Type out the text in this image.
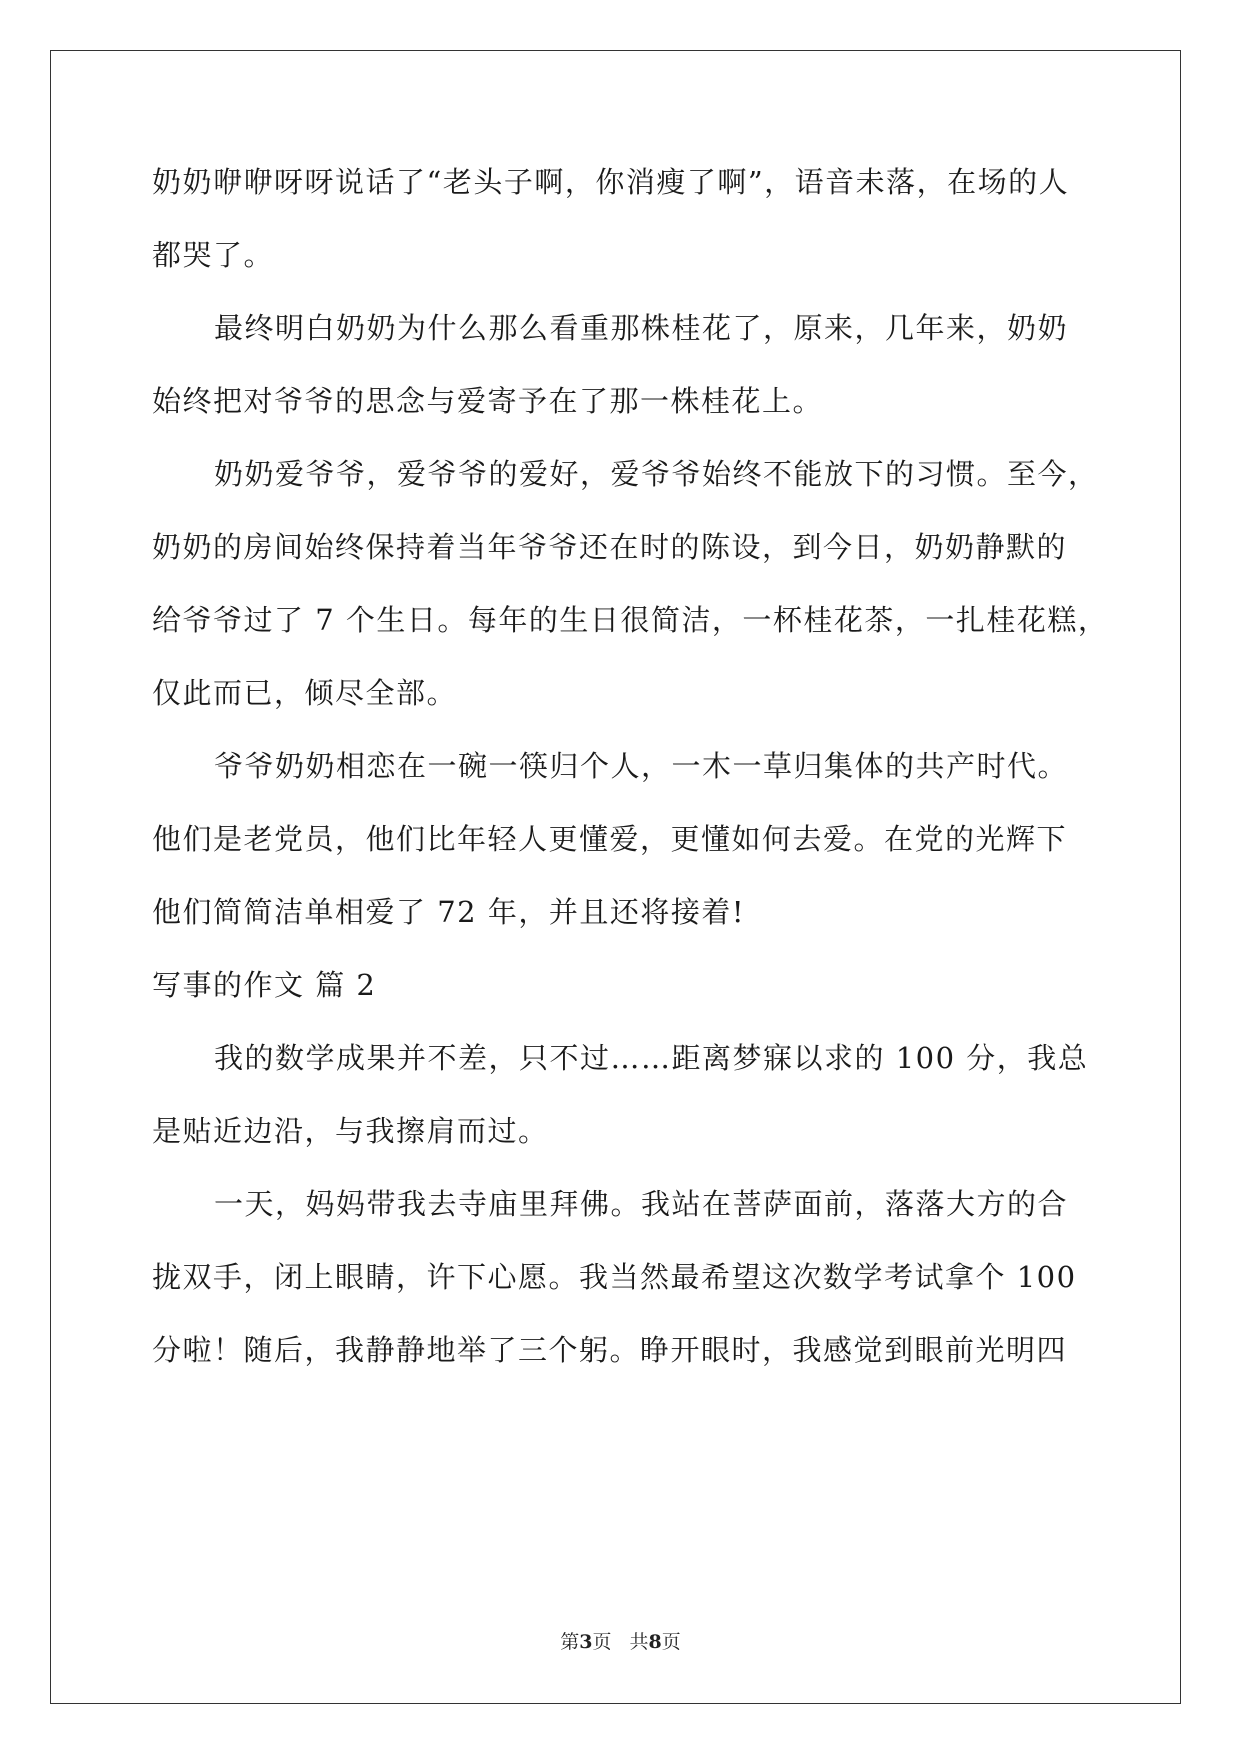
奶奶咿咿呀呀说话了“老头子啊，你消瘦了啊”，语音未落，在场的人
都哭了。
最终明白奶奶为什么那么看重那株桂花了，原来，几年来，奶奶
始终把对爷爷的思念与爱寄予在了那一株桂花上。
奶奶爱爷爷，爱爷爷的爱好，爱爷爷始终不能放下的习惯。至今，
奶奶的房间始终保持着当年爷爷还在时的陈设，到今日，奶奶静默的
给爷爷过了 7 个生日。每年的生日很简洁，一杯桂花茶，一扎桂花糕，
仅此而已，倾尽全部。
爷爷奶奶相恋在一碗一筷归个人，一木一草归集体的共产时代。
他们是老党员，他们比年轻人更懂爱，更懂如何去爱。在党的光辉下
他们简简洁单相爱了 72 年，并且还将接着!
写事的作文 篇 2
我的数学成果并不差，只不过……距离梦寐以求的 100 分，我总
是贴近边沿，与我擦肩而过。
一天，妈妈带我去寺庙里拜佛。我站在菩萨面前，落落大方的合
拢双手，闭上眼睛，许下心愿。我当然最希望这次数学考试拿个 100
分啦！随后，我静静地举了三个躬。睁开眼时，我感觉到眼前光明四
第3页 共8页
